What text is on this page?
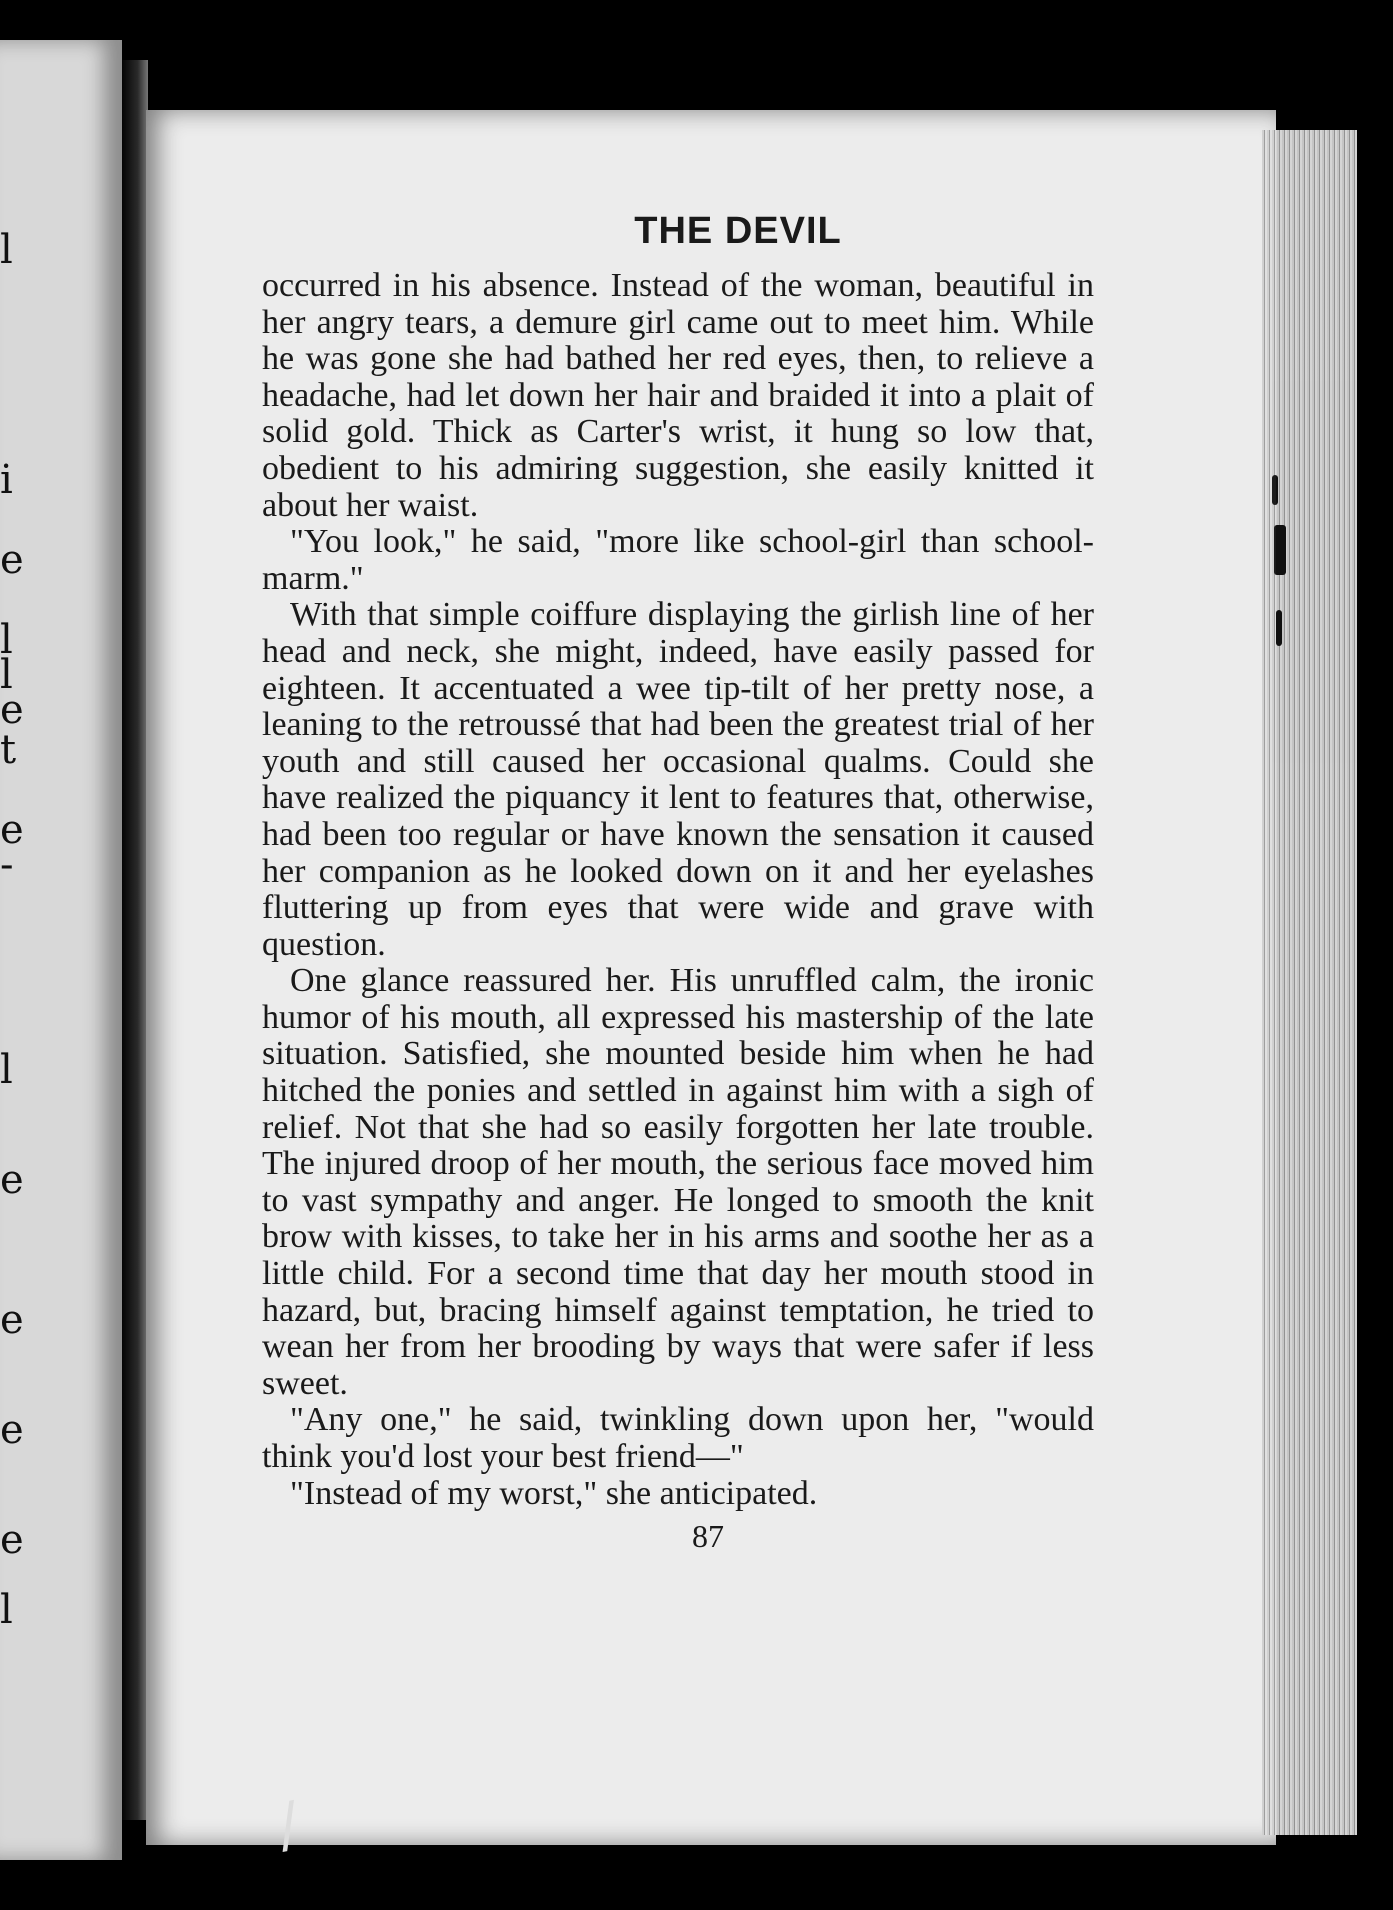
l
i
e
l
l
e
t
e
-
l
e
e
e
e
l
THE DEVIL

occurred in his absence. Instead of the woman, beautiful in her angry tears, a demure girl came out to meet him. While he was gone she had bathed her red eyes, then, to relieve a headache, had let down her hair and braided it into a plait of solid gold. Thick as Carter's wrist, it hung so low that, obedient to his admiring suggestion, she easily knitted it about her waist.

"You look," he said, "more like school-girl than school-marm."

With that simple coiffure displaying the girlish line of her head and neck, she might, indeed, have easily passed for eighteen. It accentuated a wee tip-tilt of her pretty nose, a leaning to the retroussé that had been the greatest trial of her youth and still caused her occasional qualms. Could she have realized the piquancy it lent to features that, otherwise, had been too regular or have known the sensation it caused her companion as he looked down on it and her eyelashes fluttering up from eyes that were wide and grave with question.

One glance reassured her. His unruffled calm, the ironic humor of his mouth, all expressed his mastership of the late situation. Satisfied, she mounted beside him when he had hitched the ponies and settled in against him with a sigh of relief. Not that she had so easily forgotten her late trouble. The injured droop of her mouth, the serious face moved him to vast sympathy and anger. He longed to smooth the knit brow with kisses, to take her in his arms and soothe her as a little child. For a second time that day her mouth stood in hazard, but, bracing himself against temptation, he tried to wean her from her brooding by ways that were safer if less sweet.

"Any one," he said, twinkling down upon her, "would think you'd lost your best friend—"

"Instead of my worst," she anticipated.

87
/
